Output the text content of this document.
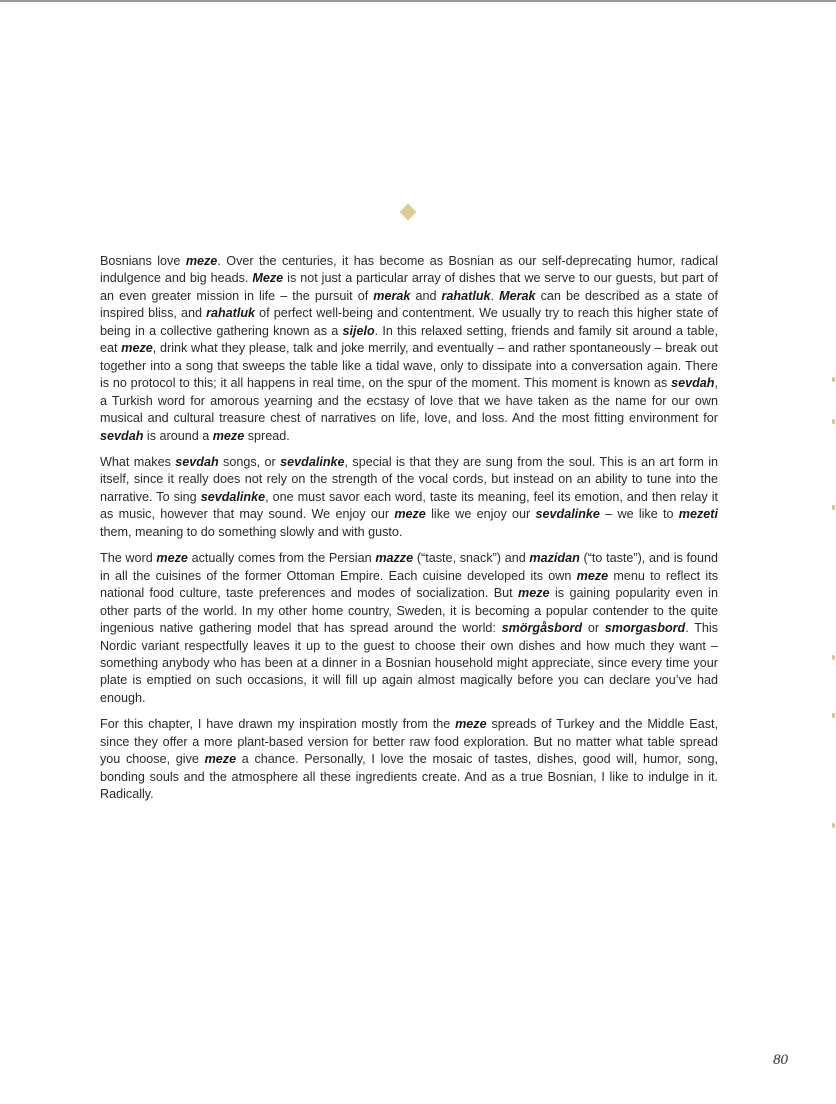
Bosnians love meze. Over the centuries, it has become as Bosnian as our self-deprecating humor, radical indulgence and big heads. Meze is not just a particular array of dishes that we serve to our guests, but part of an even greater mission in life – the pursuit of merak and rahatluk. Merak can be described as a state of inspired bliss, and rahatluk of perfect well-being and contentment. We usually try to reach this higher state of being in a collective gathering known as a sijelo. In this relaxed setting, friends and family sit around a table, eat meze, drink what they please, talk and joke merrily, and eventually – and rather spontaneously – break out together into a song that sweeps the table like a tidal wave, only to dissipate into a conversation again. There is no protocol to this; it all happens in real time, on the spur of the moment. This moment is known as sevdah, a Turkish word for amorous yearning and the ecstasy of love that we have taken as the name for our own musical and cultural treasure chest of narratives on life, love, and loss. And the most fitting environment for sevdah is around a meze spread.

What makes sevdah songs, or sevdalinke, special is that they are sung from the soul. This is an art form in itself, since it really does not rely on the strength of the vocal cords, but instead on an ability to tune into the narrative. To sing sevdalinke, one must savor each word, taste its meaning, feel its emotion, and then relay it as music, however that may sound. We enjoy our meze like we enjoy our sevdalinke – we like to mezeti them, meaning to do something slowly and with gusto.

The word meze actually comes from the Persian mazze (“taste, snack”) and mazidan (“to taste”), and is found in all the cuisines of the former Ottoman Empire. Each cuisine developed its own meze menu to reflect its national food culture, taste preferences and modes of socialization. But meze is gaining popularity even in other parts of the world. In my other home country, Sweden, it is becoming a popular contender to the quite ingenious native gathering model that has spread around the world: smörgåsbord or smorgasbord. This Nordic variant respectfully leaves it up to the guest to choose their own dishes and how much they want – something anybody who has been at a dinner in a Bosnian household might appreciate, since every time your plate is emptied on such occasions, it will fill up again almost magically before you can declare you’ve had enough.

For this chapter, I have drawn my inspiration mostly from the meze spreads of Turkey and the Middle East, since they offer a more plant-based version for better raw food exploration. But no matter what table spread you choose, give meze a chance. Personally, I love the mosaic of tastes, dishes, good will, humor, song, bonding souls and the atmosphere all these ingredients create. And as a true Bosnian, I like to indulge in it. Radically.

80
